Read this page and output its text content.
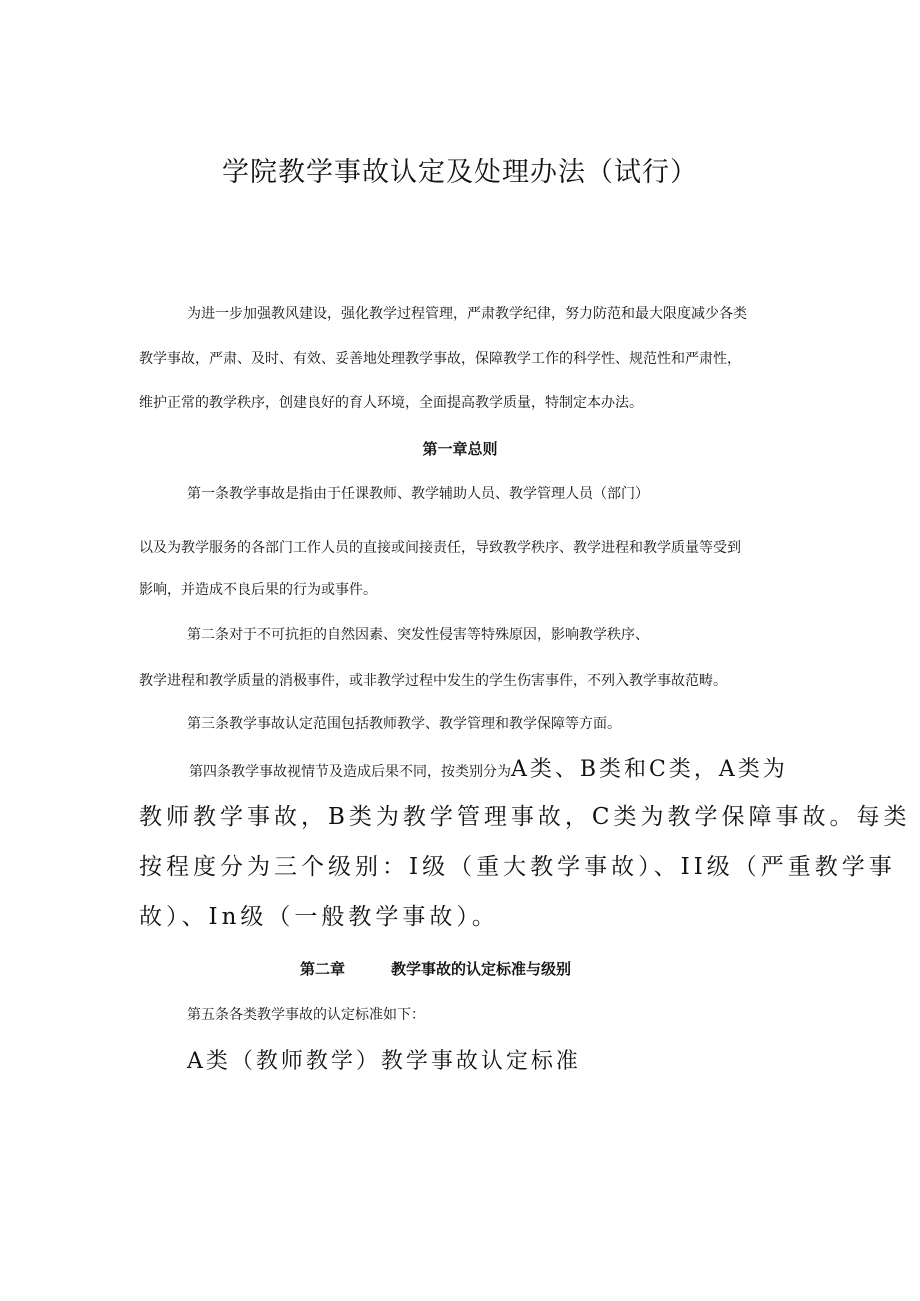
学院教学事故认定及处理办法（试行）
为进一步加强教风建设，强化教学过程管理，严肃教学纪律，努力防范和最大限度减少各类
教学事故，严肃、及时、有效、妥善地处理教学事故，保障教学工作的科学性、规范性和严肃性，
维护正常的教学秩序，创建良好的育人环境，全面提高教学质量，特制定本办法。
第一章总则
第一条教学事故是指由于任课教师、教学辅助人员、教学管理人员（部门）
以及为教学服务的各部门工作人员的直接或间接责任，导致教学秩序、教学进程和教学质量等受到
影响，并造成不良后果的行为或事件。
第二条对于不可抗拒的自然因素、突发性侵害等特殊原因，影响教学秩序、
教学进程和教学质量的消极事件，或非教学过程中发生的学生伤害事件，不列入教学事故范畴。
第三条教学事故认定范围包括教师教学、教学管理和教学保障等方面。
第四条教学事故视情节及造成后果不同，按类别分为A类、B类和C类，A类为
教师教学事故，B类为教学管理事故，C类为教学保障事故。每类
按程度分为三个级别：I级（重大教学事故）、II级（严重教学事
故）、In级（一般教学事故）。
第二章	教学事故的认定标准与级别
第五条各类教学事故的认定标准如下：
A类（教师教学）教学事故认定标准
